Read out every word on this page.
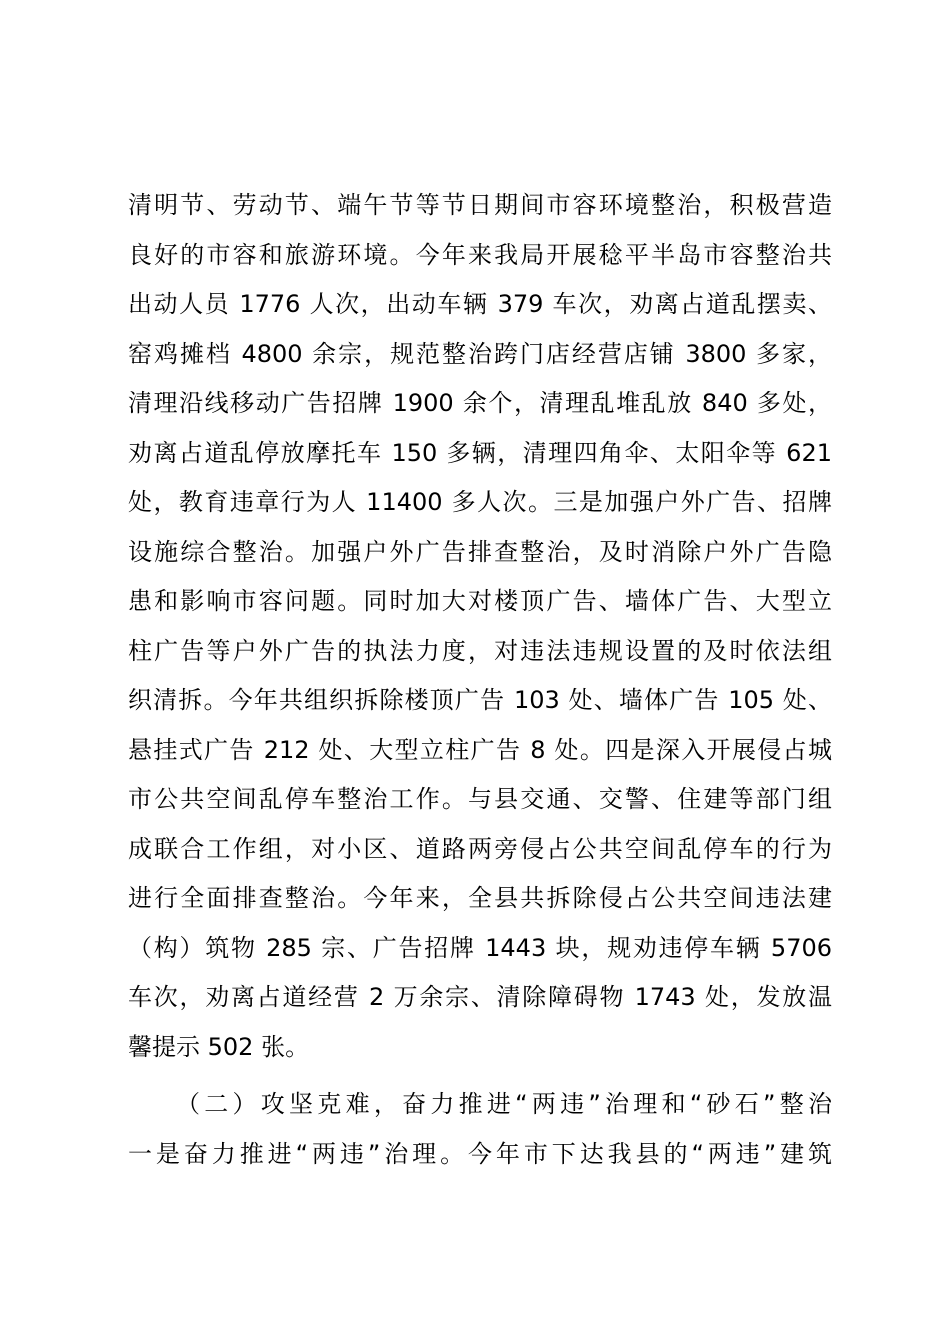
清明节、劳动节、端午节等节日期间市容环境整治，积极营造
良好的市容和旅游环境。今年来我局开展稔平半岛市容整治共
出动人员 1776 人次，出动车辆 379 车次，劝离占道乱摆卖、
窑鸡摊档 4800 余宗，规范整治跨门店经营店铺 3800 多家，
清理沿线移动广告招牌 1900 余个，清理乱堆乱放 840 多处，
劝离占道乱停放摩托车 150 多辆，清理四角伞、太阳伞等 621
处，教育违章行为人 11400 多人次。三是加强户外广告、招牌
设施综合整治。加强户外广告排查整治，及时消除户外广告隐
患和影响市容问题。同时加大对楼顶广告、墙体广告、大型立
柱广告等户外广告的执法力度，对违法违规设置的及时依法组
织清拆。今年共组织拆除楼顶广告 103 处、墙体广告 105 处、
悬挂式广告 212 处、大型立柱广告 8 处。四是深入开展侵占城
市公共空间乱停车整治工作。与县交通、交警、住建等部门组
成联合工作组，对小区、道路两旁侵占公共空间乱停车的行为
进行全面排查整治。今年来，全县共拆除侵占公共空间违法建
（构）筑物 285 宗、广告招牌 1443 块，规劝违停车辆 5706
车次，劝离占道经营 2 万余宗、清除障碍物 1743 处，发放温
馨提示 502 张。
（二）攻坚克难，奋力推进“两违”治理和“砂石”整治
一是奋力推进“两违”治理。今年市下达我县的“两违”建筑
